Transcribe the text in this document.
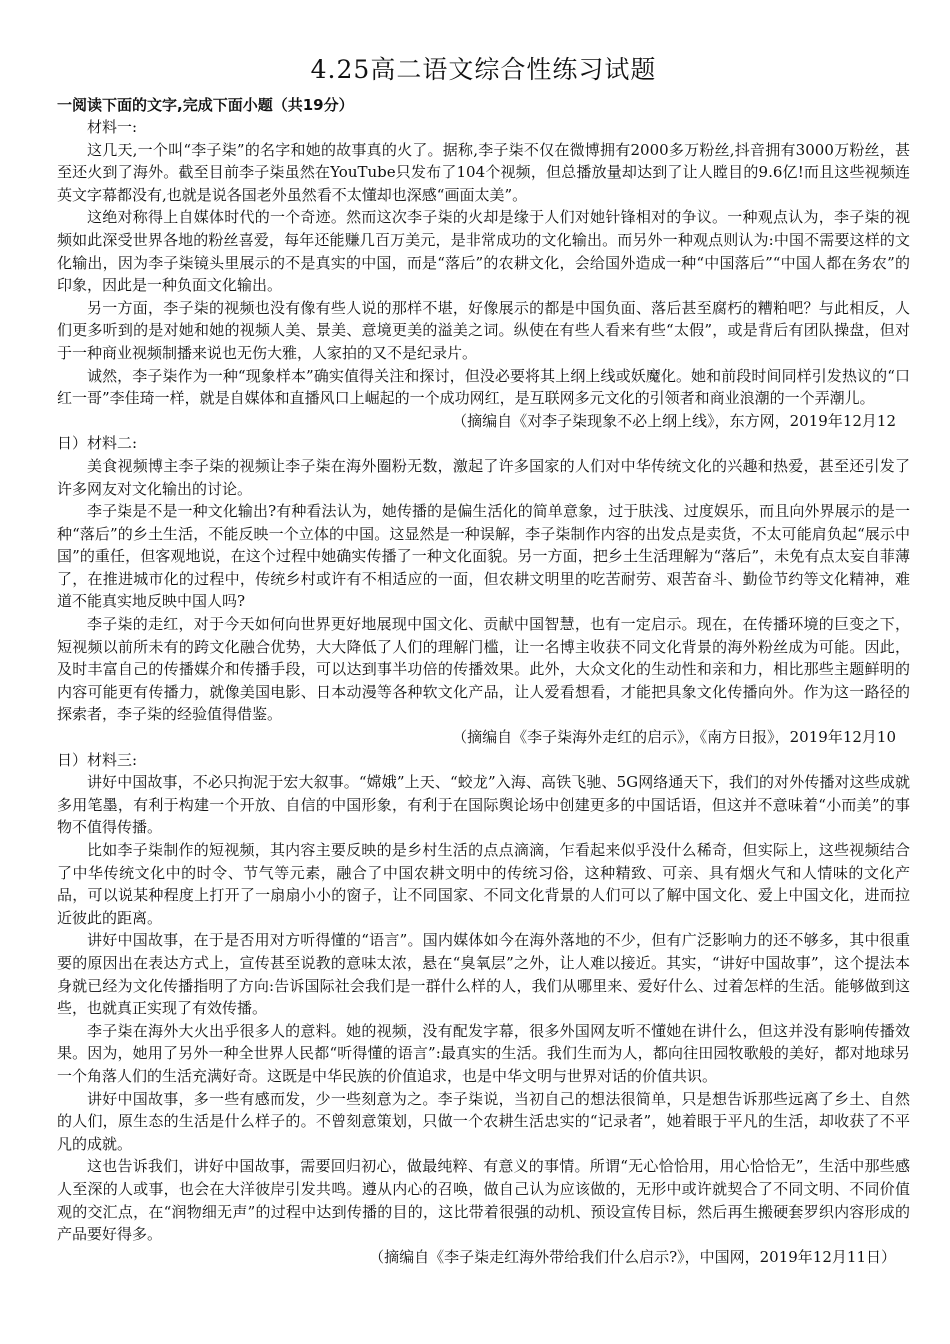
4.25高二语文综合性练习试题
一阅读下面的文字,完成下面小题（共19分）
材料一:

这几天,一个叫“李子柒”的名字和她的故事真的火了。据称,李子柒不仅在微博拥有2000多万粉丝,抖音拥有3000万粉丝，甚至还火到了海外。截至目前李子柒虽然在YouTube只发布了104个视频，但总播放量却达到了让人瞠目的9.6亿!而且这些视频连英文字幕都没有,也就是说各国老外虽然看不太懂却也深感“画面太美”。

这绝对称得上自媒体时代的一个奇迹。然而这次李子柒的火却是缘于人们对她针锋相对的争议。一种观点认为，李子柒的视频如此深受世界各地的粉丝喜爱，每年还能赚几百万美元，是非常成功的文化输出。而另外一种观点则认为:中国不需要这样的文化输出，因为李子柒镜头里展示的不是真实的中国，而是“落后”的农耕文化，会给国外造成一种“中国落后”“中国人都在务农”的印象，因此是一种负面文化输出。

另一方面，李子柒的视频也没有像有些人说的那样不堪，好像展示的都是中国负面、落后甚至腐朽的糟粕吧？与此相反，人们更多听到的是对她和她的视频人美、景美、意境更美的溢美之词。纵使在有些人看来有些“太假”，或是背后有团队操盘，但对于一种商业视频制播来说也无伤大雅，人家拍的又不是纪录片。

诚然，李子柒作为一种“现象样本”确实值得关注和探讨，但没必要将其上纲上线或妖魔化。她和前段时间同样引发热议的“口红一哥”李佳琦一样，就是自媒体和直播风口上崛起的一个成功网红，是互联网多元文化的引领者和商业浪潮的一个弄潮儿。

（摘编自《对李子柒现象不必上纲上线》，东方网，2019年12月12

日）材料二:

美食视频博主李子柒的视频让李子柒在海外圈粉无数，激起了许多国家的人们对中华传统文化的兴趣和热爱，甚至还引发了许多网友对文化输出的讨论。

李子柒是不是一种文化输出?有种看法认为，她传播的是偏生活化的简单意象，过于肤浅、过度娱乐，而且向外界展示的是一种“落后”的乡土生活，不能反映一个立体的中国。这显然是一种误解，李子柒制作内容的出发点是卖货，不太可能肩负起“展示中国”的重任，但客观地说，在这个过程中她确实传播了一种文化面貌。另一方面，把乡土生活理解为“落后”，未免有点太妄自菲薄了，在推进城市化的过程中，传统乡村或许有不相适应的一面，但农耕文明里的吃苦耐劳、艰苦奋斗、勤俭节约等文化精神，难道不能真实地反映中国人吗?

李子柒的走红，对于今天如何向世界更好地展现中国文化、贡献中国智慧，也有一定启示。现在，在传播环境的巨变之下，短视频以前所未有的跨文化融合优势，大大降低了人们的理解门槛，让一名博主收获不同文化背景的海外粉丝成为可能。因此，及时丰富自己的传播媒介和传播手段，可以达到事半功倍的传播效果。此外，大众文化的生动性和亲和力，相比那些主题鲜明的内容可能更有传播力，就像美国电影、日本动漫等各种软文化产品，让人爱看想看，才能把具象文化传播向外。作为这一路径的探索者，李子柒的经验值得借鉴。

（摘编自《李子柒海外走红的启示》，《南方日报》，2019年12月10

日）材料三:

讲好中国故事，不必只拘泥于宏大叙事。“嫦娥”上天、“蛟龙”入海、高铁飞驰、5G网络通天下，我们的对外传播对这些成就多用笔墨，有利于构建一个开放、自信的中国形象，有利于在国际舆论场中创建更多的中国话语，但这并不意味着“小而美”的事物不值得传播。

比如李子柒制作的短视频，其内容主要反映的是乡村生活的点点滴滴，乍看起来似乎没什么稀奇，但实际上，这些视频结合了中华传统文化中的时令、节气等元素，融合了中国农耕文明中的传统习俗，这种精致、可亲、具有烟火气和人情味的文化产品，可以说某种程度上打开了一扇扇小小的窗子，让不同国家、不同文化背景的人们可以了解中国文化、爱上中国文化，进而拉近彼此的距离。

讲好中国故事，在于是否用对方听得懂的“语言”。国内媒体如今在海外落地的不少，但有广泛影响力的还不够多，其中很重要的原因出在表达方式上，宣传甚至说教的意味太浓，悬在“臭氧层”之外，让人难以接近。其实，“讲好中国故事”，这个提法本身就已经为文化传播指明了方向:告诉国际社会我们是一群什么样的人，我们从哪里来、爱好什么、过着怎样的生活。能够做到这些，也就真正实现了有效传播。

李子柒在海外大火出乎很多人的意料。她的视频，没有配发字幕，很多外国网友听不懂她在讲什么，但这并没有影响传播效果。因为，她用了另外一种全世界人民都“听得懂的语言”:最真实的生活。我们生而为人，都向往田园牧歌般的美好，都对地球另一个角落人们的生活充满好奇。这既是中华民族的价值追求，也是中华文明与世界对话的价值共识。

讲好中国故事，多一些有感而发，少一些刻意为之。李子柒说，当初自己的想法很简单，只是想告诉那些远离了乡土、自然的人们，原生态的生活是什么样子的。不曾刻意策划，只做一个农耕生活忠实的“记录者”，她着眼于平凡的生活，却收获了不平凡的成就。

这也告诉我们，讲好中国故事，需要回归初心，做最纯粹、有意义的事情。所谓“无心恰恰用，用心恰恰无”，生活中那些感人至深的人或事，也会在大洋彼岸引发共鸣。遵从内心的召唤，做自己认为应该做的，无形中或许就契合了不同文明、不同价值观的交汇点，在“润物细无声”的过程中达到传播的目的，这比带着很强的动机、预设宣传目标，然后再生搬硬套罗织内容形成的产品要好得多。

（摘编自《李子柒走红海外带给我们什么启示?》，中国网，2019年12月11日）
